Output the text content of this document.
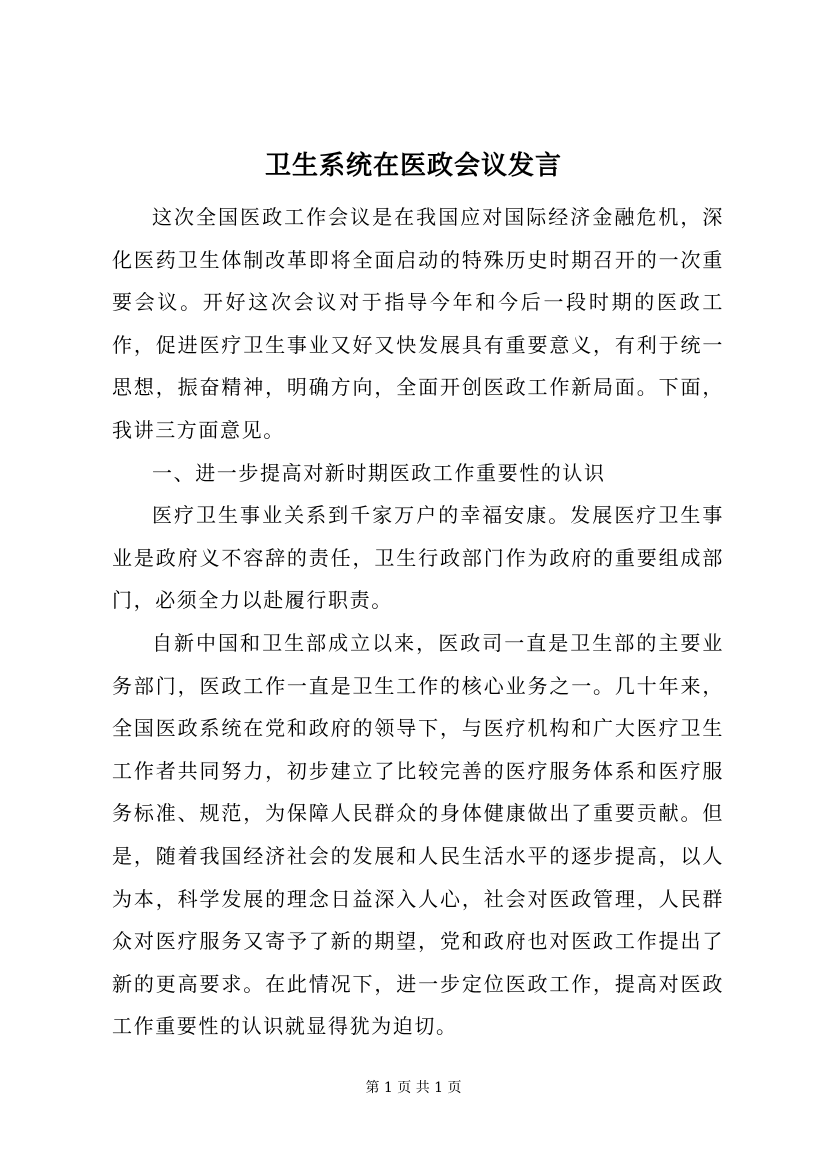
卫生系统在医政会议发言

这次全国医政工作会议是在我国应对国际经济金融危机，深化医药卫生体制改革即将全面启动的特殊历史时期召开的一次重要会议。开好这次会议对于指导今年和今后一段时期的医政工作，促进医疗卫生事业又好又快发展具有重要意义，有利于统一思想，振奋精神，明确方向，全面开创医政工作新局面。下面，我讲三方面意见。

一、进一步提高对新时期医政工作重要性的认识

医疗卫生事业关系到千家万户的幸福安康。发展医疗卫生事业是政府义不容辞的责任，卫生行政部门作为政府的重要组成部门，必须全力以赴履行职责。

自新中国和卫生部成立以来，医政司一直是卫生部的主要业务部门，医政工作一直是卫生工作的核心业务之一。几十年来，全国医政系统在党和政府的领导下，与医疗机构和广大医疗卫生工作者共同努力，初步建立了比较完善的医疗服务体系和医疗服务标准、规范，为保障人民群众的身体健康做出了重要贡献。但是，随着我国经济社会的发展和人民生活水平的逐步提高，以人为本，科学发展的理念日益深入人心，社会对医政管理，人民群众对医疗服务又寄予了新的期望，党和政府也对医政工作提出了新的更高要求。在此情况下，进一步定位医政工作，提高对医政工作重要性的认识就显得犹为迫切。

第 1 页 共 1 页
